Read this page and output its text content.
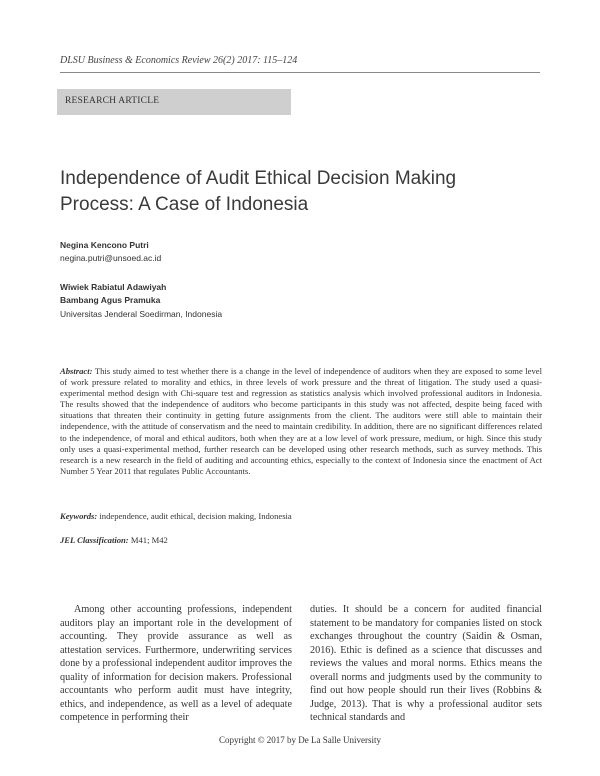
DLSU Business & Economics Review 26(2) 2017: 115–124
RESEARCH ARTICLE
Independence of Audit Ethical Decision Making Process: A Case of Indonesia
Negina Kencono Putri
negina.putri@unsoed.ac.id
Wiwiek Rabiatul Adawiyah
Bambang Agus Pramuka
Universitas Jenderal Soedirman, Indonesia
Abstract: This study aimed to test whether there is a change in the level of independence of auditors when they are exposed to some level of work pressure related to morality and ethics, in three levels of work pressure and the threat of litigation. The study used a quasi-experimental method design with Chi-square test and regression as statistics analysis which involved professional auditors in Indonesia. The results showed that the independence of auditors who become participants in this study was not affected, despite being faced with situations that threaten their continuity in getting future assignments from the client. The auditors were still able to maintain their independence, with the attitude of conservatism and the need to maintain credibility. In addition, there are no significant differences related to the independence, of moral and ethical auditors, both when they are at a low level of work pressure, medium, or high. Since this study only uses a quasi-experimental method, further research can be developed using other research methods, such as survey methods. This research is a new research in the field of auditing and accounting ethics, especially to the context of Indonesia since the enactment of Act Number 5 Year 2011 that regulates Public Accountants.
Keywords: independence, audit ethical, decision making, Indonesia
JEL Classification: M41; M42
Among other accounting professions, independent auditors play an important role in the development of accounting. They provide assurance as well as attestation services. Furthermore, underwriting services done by a professional independent auditor improves the quality of information for decision makers. Professional accountants who perform audit must have integrity, ethics, and independence, as well as a level of adequate competence in performing their
duties. It should be a concern for audited financial statement to be mandatory for companies listed on stock exchanges throughout the country (Saidin & Osman, 2016). Ethic is defined as a science that discusses and reviews the values and moral norms. Ethics means the overall norms and judgments used by the community to find out how people should run their lives (Robbins & Judge, 2013). That is why a professional auditor sets technical standards and
Copyright © 2017 by De La Salle University
